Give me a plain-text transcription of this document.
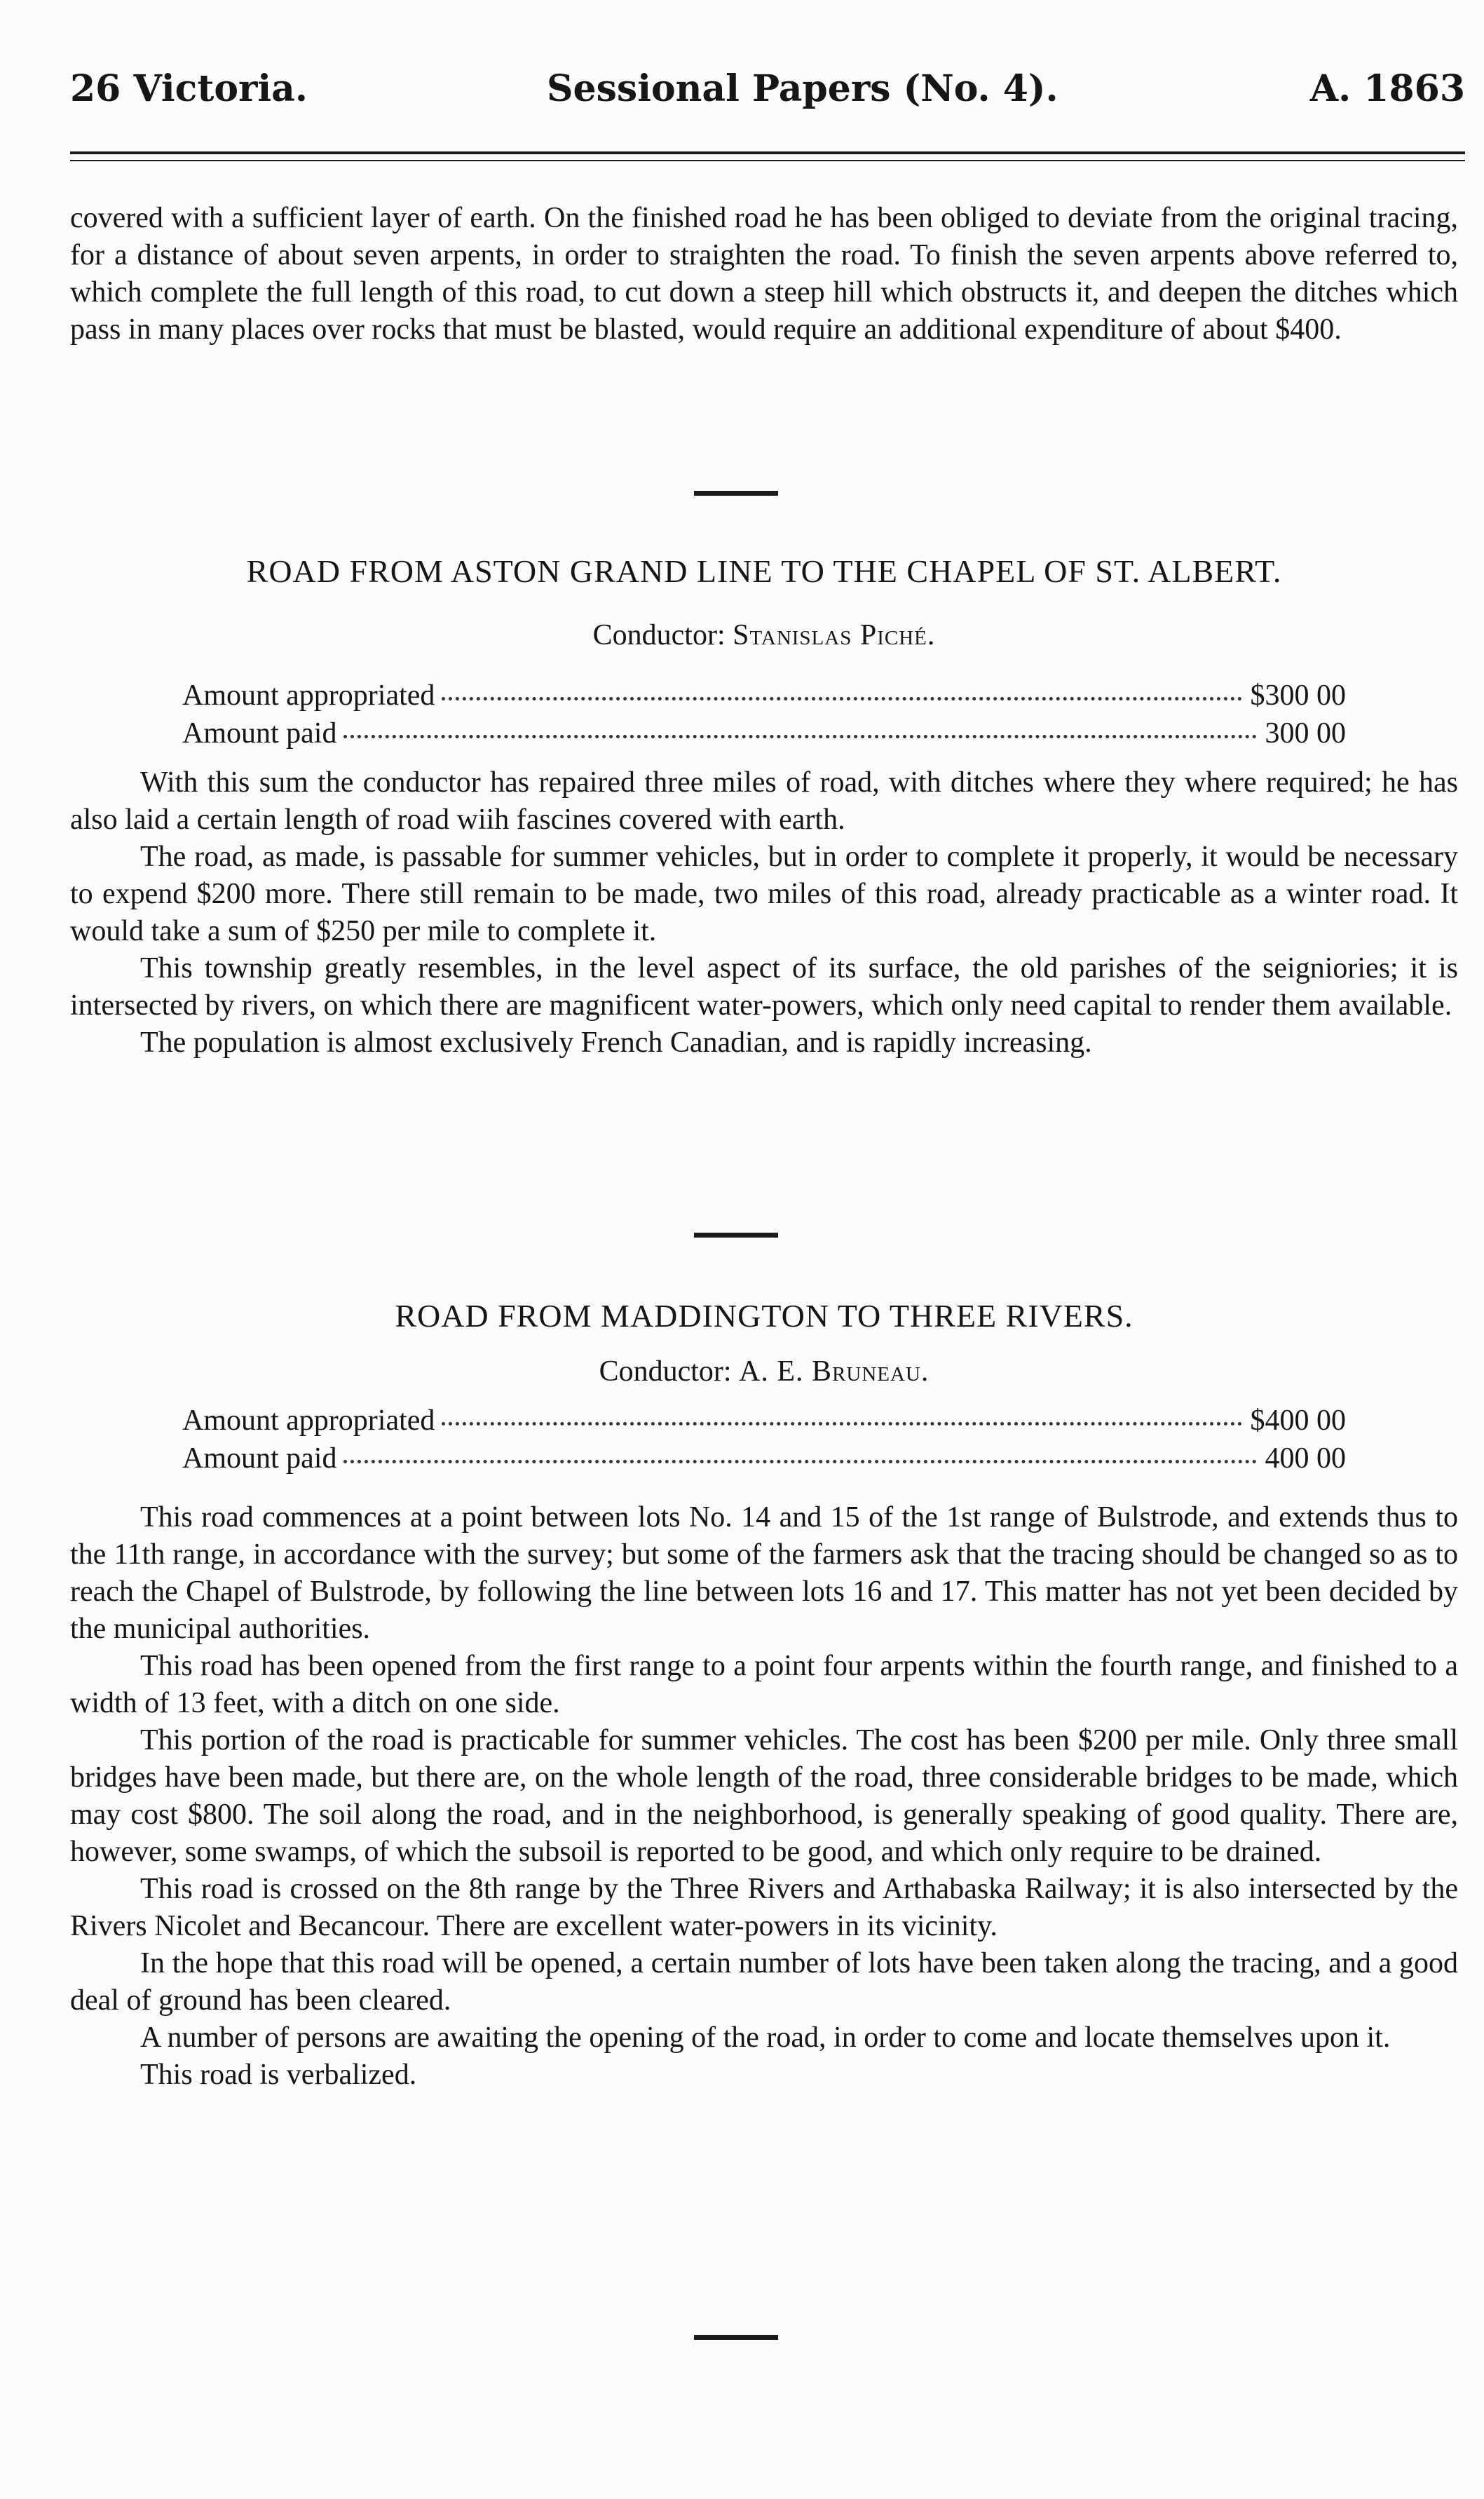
26 Victoria.	Sessional Papers (No. 4).	A. 1863

covered with a sufficient layer of earth. On the finished road he has been obliged to deviate from the original tracing, for a distance of about seven arpents, in order to straighten the road. To finish the seven arpents above referred to, which complete the full length of this road, to cut down a steep hill which obstructs it, and deepen the ditches which pass in many places over rocks that must be blasted, would require an additional expenditure of about $400.

ROAD FROM ASTON GRAND LINE TO THE CHAPEL OF ST. ALBERT.
Conductor: Stanislas Piché.
Amount appropriated	$300 00
Amount paid	300 00

With this sum the conductor has repaired three miles of road, with ditches where they where required; he has also laid a certain length of road wiih fascines covered with earth.

The road, as made, is passable for summer vehicles, but in order to complete it properly, it would be necessary to expend $200 more. There still remain to be made, two miles of this road, already practicable as a winter road. It would take a sum of $250 per mile to complete it.

This township greatly resembles, in the level aspect of its surface, the old parishes of the seigniories; it is intersected by rivers, on which there are magnificent water-powers, which only need capital to render them available.

The population is almost exclusively French Canadian, and is rapidly increasing.

ROAD FROM MADDINGTON TO THREE RIVERS.
Conductor: A. E. Bruneau.
Amount appropriated	$400 00
Amount paid	400 00

This road commences at a point between lots No. 14 and 15 of the 1st range of Bulstrode, and extends thus to the 11th range, in accordance with the survey; but some of the farmers ask that the tracing should be changed so as to reach the Chapel of Bulstrode, by following the line between lots 16 and 17. This matter has not yet been decided by the municipal authorities.

This road has been opened from the first range to a point four arpents within the fourth range, and finished to a width of 13 feet, with a ditch on one side.

This portion of the road is practicable for summer vehicles. The cost has been $200 per mile. Only three small bridges have been made, but there are, on the whole length of the road, three considerable bridges to be made, which may cost $800. The soil along the road, and in the neighborhood, is generally speaking of good quality. There are, however, some swamps, of which the subsoil is reported to be good, and which only require to be drained.

This road is crossed on the 8th range by the Three Rivers and Arthabaska Railway; it is also intersected by the Rivers Nicolet and Becancour. There are excellent water-powers in its vicinity.

In the hope that this road will be opened, a certain number of lots have been taken along the tracing, and a good deal of ground has been cleared.

A number of persons are awaiting the opening of the road, in order to come and locate themselves upon it.

This road is verbalized.
